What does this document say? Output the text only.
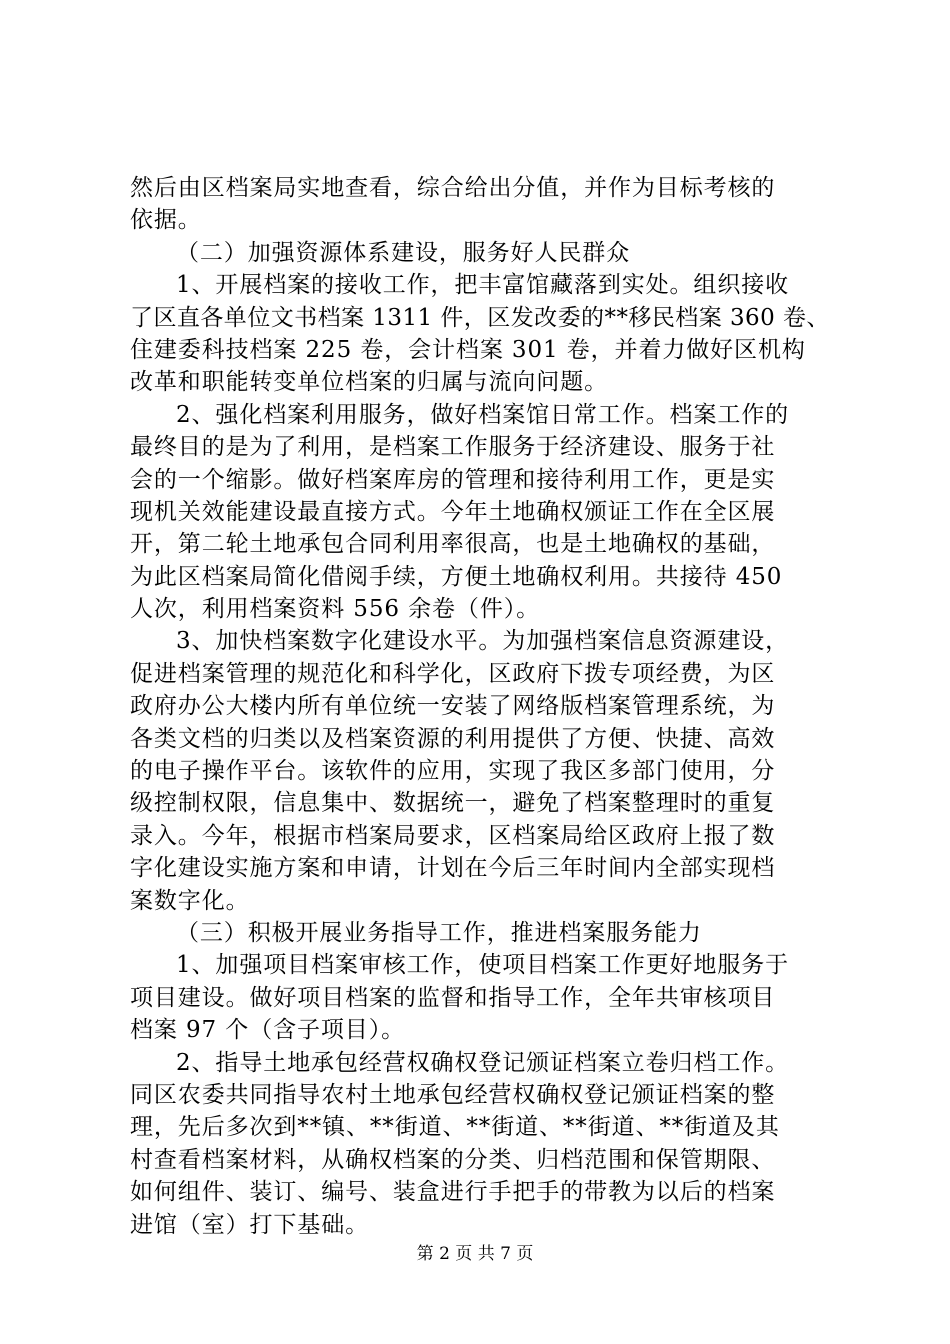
然后由区档案局实地查看，综合给出分值，并作为目标考核的
依据。
（二）加强资源体系建设，服务好人民群众
1、开展档案的接收工作，把丰富馆藏落到实处。组织接收
了区直各单位文书档案 1311 件，区发改委的**移民档案 360 卷、
住建委科技档案 225 卷，会计档案 301 卷，并着力做好区机构
改革和职能转变单位档案的归属与流向问题。
2、强化档案利用服务，做好档案馆日常工作。档案工作的
最终目的是为了利用，是档案工作服务于经济建设、服务于社
会的一个缩影。做好档案库房的管理和接待利用工作，更是实
现机关效能建设最直接方式。今年土地确权颁证工作在全区展
开，第二轮土地承包合同利用率很高，也是土地确权的基础，
为此区档案局简化借阅手续，方便土地确权利用。共接待 450
人次，利用档案资料 556 余卷（件）。
3、加快档案数字化建设水平。为加强档案信息资源建设，
促进档案管理的规范化和科学化，区政府下拨专项经费，为区
政府办公大楼内所有单位统一安装了网络版档案管理系统，为
各类文档的归类以及档案资源的利用提供了方便、快捷、高效
的电子操作平台。该软件的应用，实现了我区多部门使用，分
级控制权限，信息集中、数据统一，避免了档案整理时的重复
录入。今年，根据市档案局要求，区档案局给区政府上报了数
字化建设实施方案和申请，计划在今后三年时间内全部实现档
案数字化。
（三）积极开展业务指导工作，推进档案服务能力
1、加强项目档案审核工作，使项目档案工作更好地服务于
项目建设。做好项目档案的监督和指导工作，全年共审核项目
档案 97 个（含子项目）。
2、指导土地承包经营权确权登记颁证档案立卷归档工作。
同区农委共同指导农村土地承包经营权确权登记颁证档案的整
理，先后多次到**镇、**街道、**街道、**街道、**街道及其
村查看档案材料，从确权档案的分类、归档范围和保管期限、
如何组件、装订、编号、装盒进行手把手的带教为以后的档案
进馆（室）打下基础。
第 2 页 共 7 页
